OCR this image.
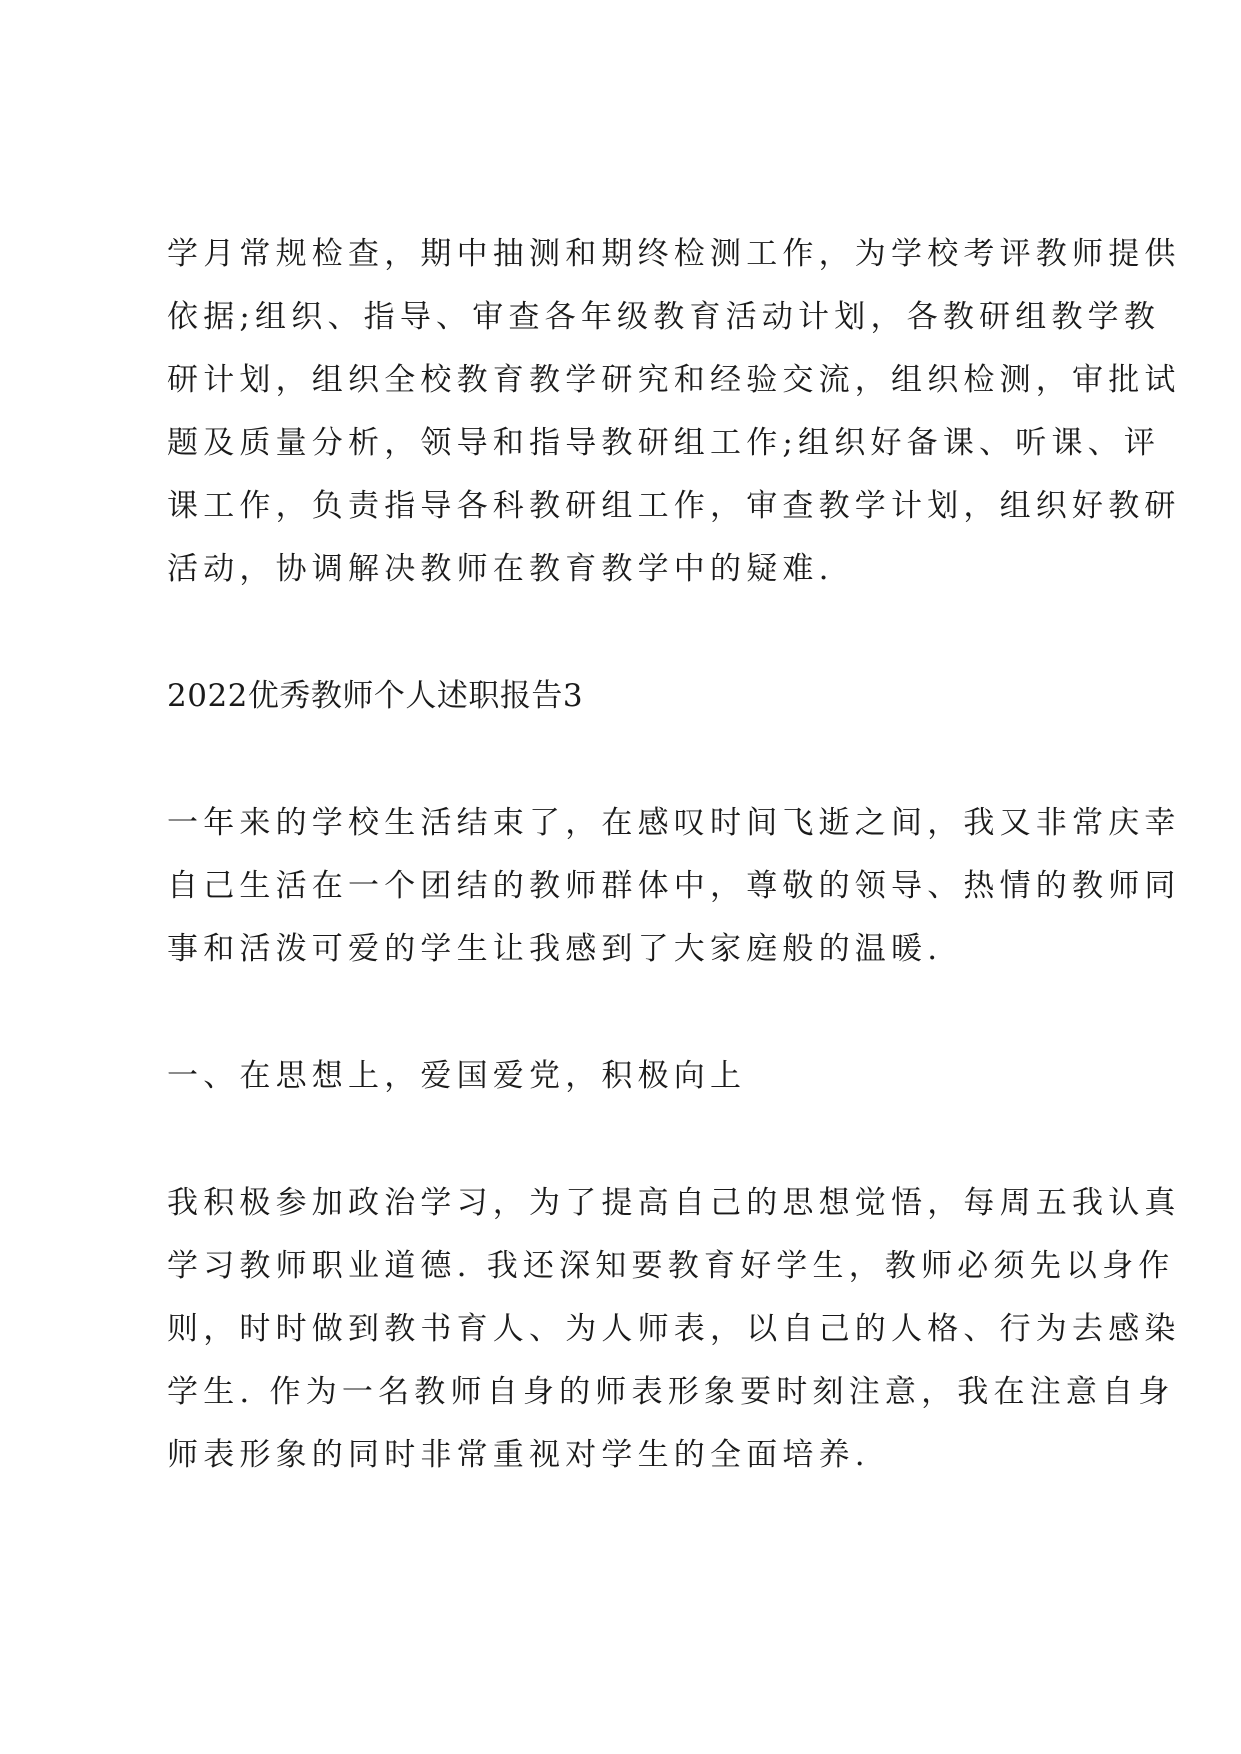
学月常规检查，期中抽测和期终检测工作，为学校考评教师提供
依据;组织、指导、审查各年级教育活动计划，各教研组教学教
研计划，组织全校教育教学研究和经验交流，组织检测，审批试
题及质量分析，领导和指导教研组工作;组织好备课、听课、评
课工作，负责指导各科教研组工作，审查教学计划，组织好教研
活动，协调解决教师在教育教学中的疑难.

2022优秀教师个人述职报告3

一年来的学校生活结束了，在感叹时间飞逝之间，我又非常庆幸
自己生活在一个团结的教师群体中，尊敬的领导、热情的教师同
事和活泼可爱的学生让我感到了大家庭般的温暖.

一、在思想上，爱国爱党，积极向上

我积极参加政治学习，为了提高自己的思想觉悟，每周五我认真
学习教师职业道德. 我还深知要教育好学生，教师必须先以身作
则，时时做到教书育人、为人师表，以自己的人格、行为去感染
学生. 作为一名教师自身的师表形象要时刻注意，我在注意自身
师表形象的同时非常重视对学生的全面培养.
